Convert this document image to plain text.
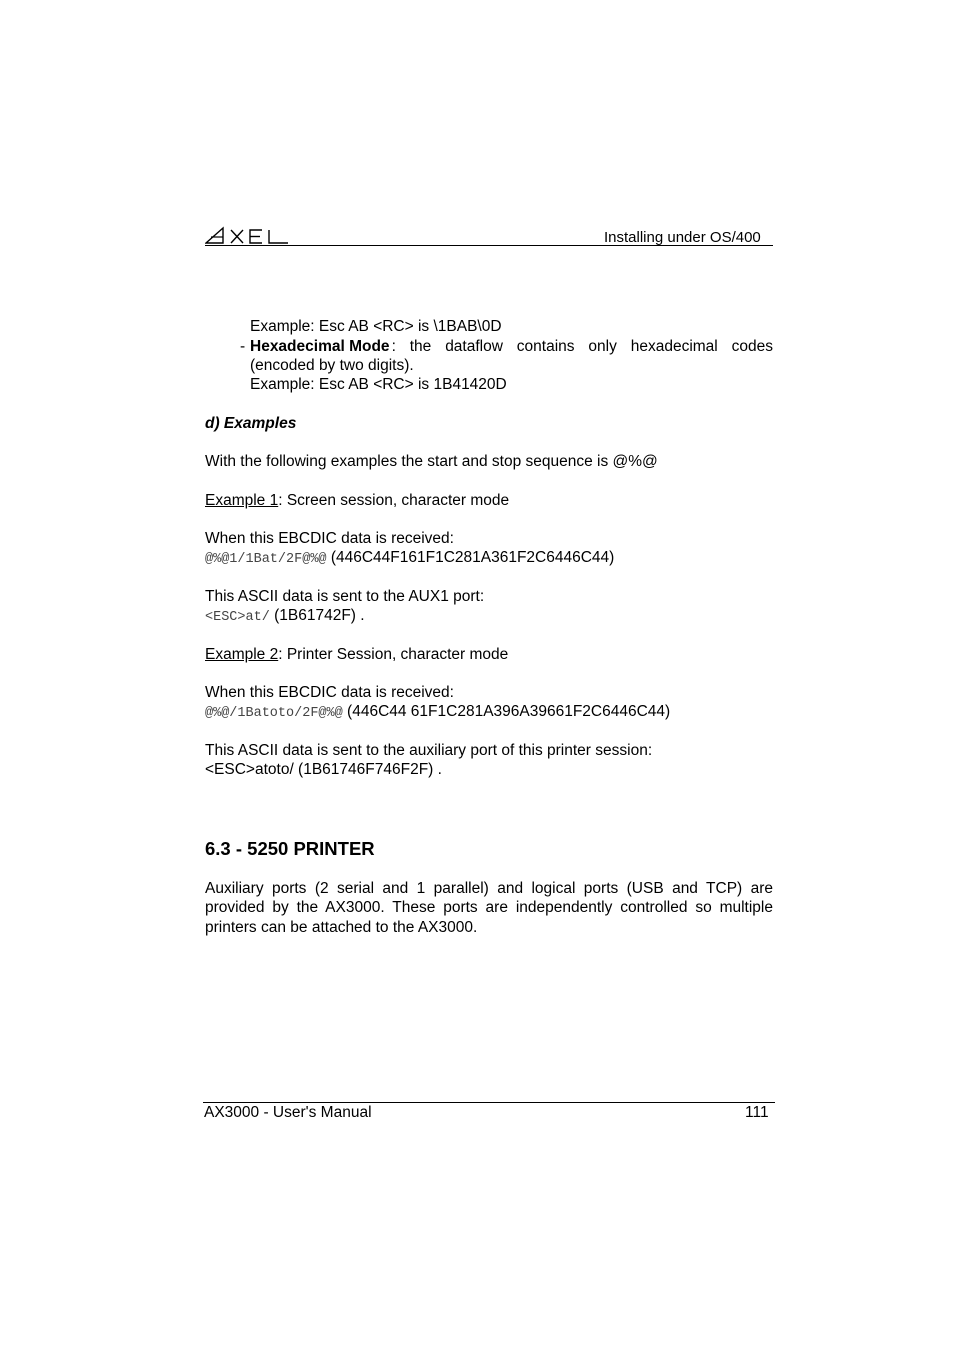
Installing under OS/400
Example: Esc AB <RC> is \1BAB\0D
- Hexadecimal Mode : the dataflow contains only hexadecimal codes
(encoded by two digits).
Example: Esc AB <RC> is 1B41420D
d) Examples
With the following examples the start and stop sequence is @%@
Example 1: Screen session, character mode
When this EBCDIC data is received:
@%@1/1Bat/2F@%@ (446C44F161F1C281A361F2C6446C44)
This ASCII data is sent to the AUX1 port:
<ESC>at/ (1B61742F) .
Example 2: Printer Session, character mode
When this EBCDIC data is received:
@%@/1Batoto/2F@%@ (446C44 61F1C281A396A39661F2C6446C44)
This ASCII data is sent to the auxiliary port of this printer session:
<ESC>atoto/ (1B61746F746F2F) .
6.3 - 5250 PRINTER
Auxiliary ports (2 serial and 1 parallel) and logical ports (USB and TCP) are
provided by the AX3000. These ports are independently controlled so multiple
printers can be attached to the AX3000.
AX3000 - User's Manual	111
